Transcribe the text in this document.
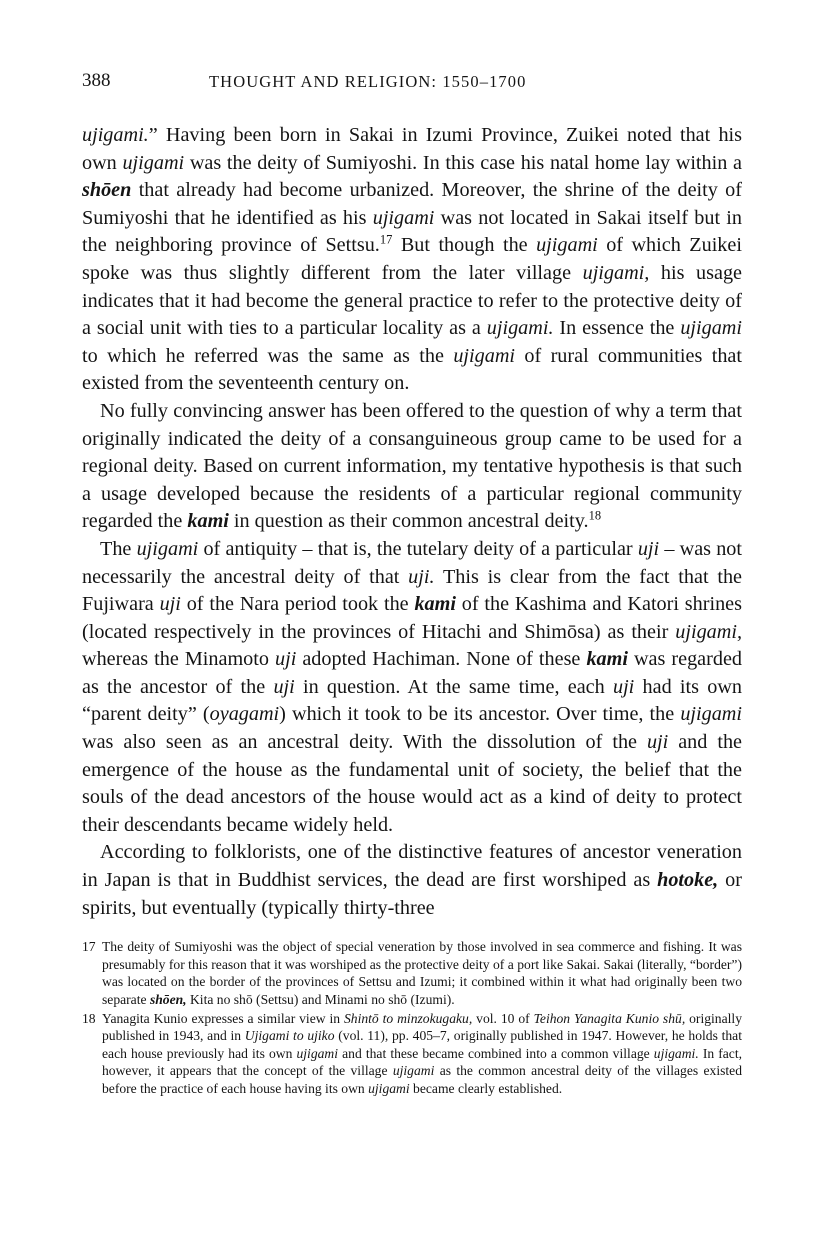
388	THOUGHT AND RELIGION: 1550–1700

ujigami.” Having been born in Sakai in Izumi Province, Zuikei noted that his own ujigami was the deity of Sumiyoshi. In this case his natal home lay within a shōen that already had become urbanized. Moreover, the shrine of the deity of Sumiyoshi that he identified as his ujigami was not located in Sakai itself but in the neighboring province of Settsu.$^{17}$ But though the ujigami of which Zuikei spoke was thus slightly different from the later village ujigami, his usage indicates that it had become the general practice to refer to the protective deity of a social unit with ties to a particular locality as a ujigami. In essence the ujigami to which he referred was the same as the ujigami of rural communities that existed from the seventeenth century on.

No fully convincing answer has been offered to the question of why a term that originally indicated the deity of a consanguineous group came to be used for a regional deity. Based on current information, my tentative hypothesis is that such a usage developed because the residents of a particular regional community regarded the kami in question as their common ancestral deity.$^{18}$

The ujigami of antiquity – that is, the tutelary deity of a particular uji – was not necessarily the ancestral deity of that uji. This is clear from the fact that the Fujiwara uji of the Nara period took the kami of the Kashima and Katori shrines (located respectively in the provinces of Hitachi and Shimōsa) as their ujigami, whereas the Minamoto uji adopted Hachiman. None of these kami was regarded as the ancestor of the uji in question. At the same time, each uji had its own “parent deity” (oyagami) which it took to be its ancestor. Over time, the ujigami was also seen as an ancestral deity. With the dissolution of the uji and the emergence of the house as the fundamental unit of society, the belief that the souls of the dead ancestors of the house would act as a kind of deity to protect their descendants became widely held.

According to folklorists, one of the distinctive features of ancestor veneration in Japan is that in Buddhist services, the dead are first worshiped as hotoke, or spirits, but eventually (typically thirty-three

17 The deity of Sumiyoshi was the object of special veneration by those involved in sea commerce and fishing. It was presumably for this reason that it was worshiped as the protective deity of a port like Sakai. Sakai (literally, “border”) was located on the border of the provinces of Settsu and Izumi; it combined within it what had originally been two separate shōen, Kita no shō (Settsu) and Minami no shō (Izumi).
18 Yanagita Kunio expresses a similar view in Shintō to minzokugaku, vol. 10 of Teihon Yanagita Kunio shū, originally published in 1943, and in Ujigami to ujiko (vol. 11), pp. 405–7, originally published in 1947. However, he holds that each house previously had its own ujigami and that these became combined into a common village ujigami. In fact, however, it appears that the concept of the village ujigami as the common ancestral deity of the villages existed before the practice of each house having its own ujigami became clearly established.
